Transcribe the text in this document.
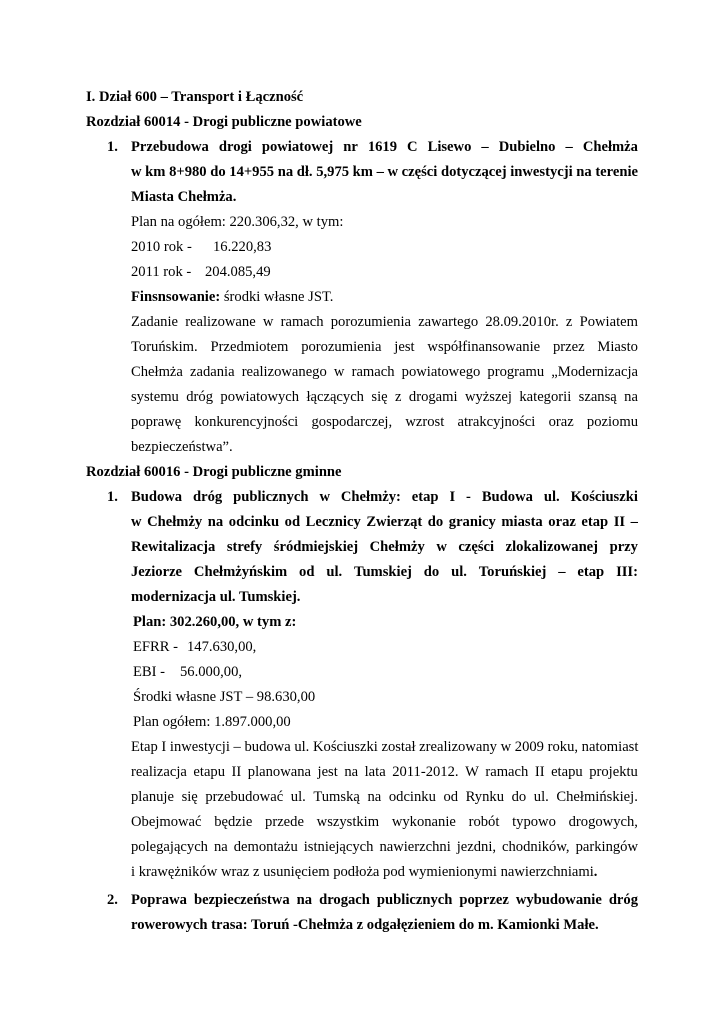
I. Dział 600 – Transport i Łączność
Rozdział 60014 - Drogi publiczne powiatowe
1. Przebudowa drogi powiatowej nr 1619 C Lisewo – Dubielno – Chełmża
w km 8+980 do 14+955 na dł. 5,975 km – w części dotyczącej inwestycji na terenie
Miasta Chełmża.
Plan na ogółem: 220.306,32, w tym:
2010 rok - 16.220,83
2011 rok - 204.085,49
Finsnsowanie: środki własne JST.
Zadanie realizowane w ramach porozumienia zawartego 28.09.2010r. z Powiatem
Toruńskim. Przedmiotem porozumienia jest współfinansowanie przez Miasto
Chełmża zadania realizowanego w ramach powiatowego programu „Modernizacja
systemu dróg powiatowych łączących się z drogami wyższej kategorii szansą na
poprawę konkurencyjności gospodarczej, wzrost atrakcyjności oraz poziomu
bezpieczeństwa”.
Rozdział 60016 - Drogi publiczne gminne
1. Budowa dróg publicznych w Chełmży: etap I - Budowa ul. Kościuszki
w Chełmży na odcinku od Lecznicy Zwierząt do granicy miasta oraz etap II –
Rewitalizacja strefy śródmiejskiej Chełmży w części zlokalizowanej przy
Jeziorze Chełmżyńskim od ul. Tumskiej do ul. Toruńskiej – etap III:
modernizacja ul. Tumskiej.
Plan: 302.260,00, w tym z:
EFRR - 147.630,00,
EBI - 56.000,00,
Środki własne JST – 98.630,00
Plan ogółem: 1.897.000,00
Etap I inwestycji – budowa ul. Kościuszki został zrealizowany w 2009 roku, natomiast
realizacja etapu II planowana jest na lata 2011-2012. W ramach II etapu projektu
planuje się przebudować ul. Tumską na odcinku od Rynku do ul. Chełmińskiej.
Obejmować będzie przede wszystkim wykonanie robót typowo drogowych,
polegających na demontażu istniejących nawierzchni jezdni, chodników, parkingów
i krawężników wraz z usunięciem podłoża pod wymienionymi nawierzchniami.
2. Poprawa bezpieczeństwa na drogach publicznych poprzez wybudowanie dróg
rowerowych trasa: Toruń -Chełmża z odgałęzieniem do m. Kamionki Małe.
